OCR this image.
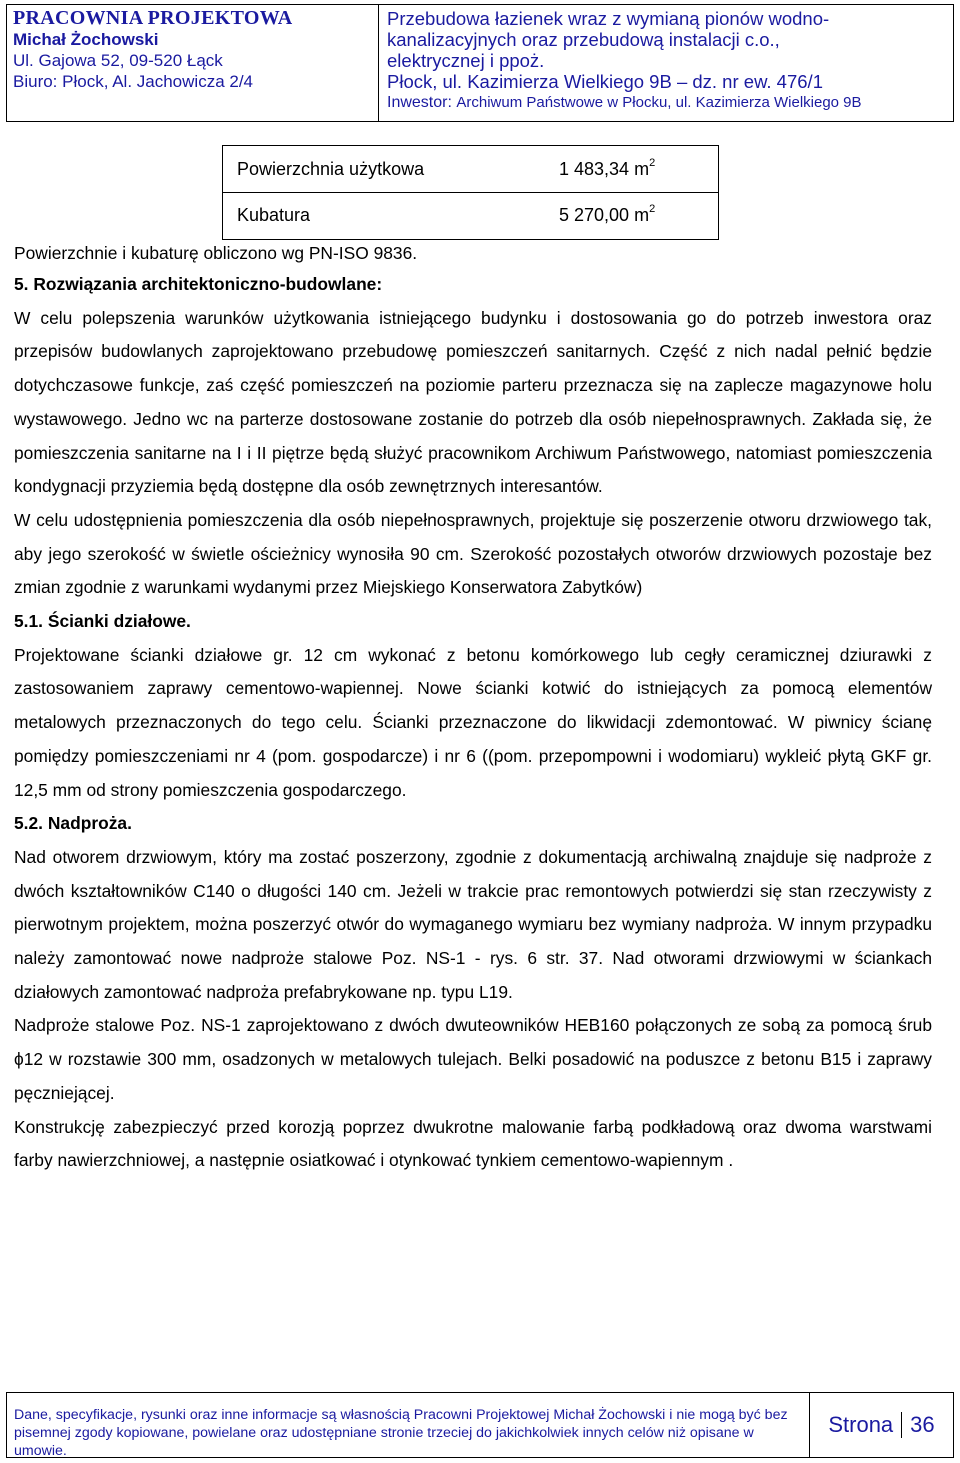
PRACOWNIA PROJEKTOWA
Michał Żochowski
Ul. Gajowa 52, 09-520 Łąck
Biuro: Płock, Al. Jachowicza 2/4
Przebudowa łazienek wraz z wymianą pionów wodno-
kanalizacyjnych oraz przebudową instalacji c.o.,
elektrycznej i ppoż.
Płock, ul. Kazimierza Wielkiego 9B – dz. nr ew. 476/1
Inwestor: Archiwum Państwowe w Płocku, ul. Kazimierza Wielkiego 9B
Powierzchnia użytkowa	1 483,34 $m^2$
Kubatura	5 270,00 $m^2$

Powierzchnie i kubaturę obliczono wg PN-ISO 9836.

5. Rozwiązania architektoniczno-budowlane:

W celu polepszenia warunków użytkowania istniejącego budynku i dostosowania go do potrzeb inwestora oraz przepisów budowlanych zaprojektowano przebudowę pomieszczeń sanitarnych. Część z nich nadal pełnić będzie dotychczasowe funkcje, zaś część pomieszczeń na poziomie parteru przeznacza się na zaplecze magazynowe holu wystawowego. Jedno wc na parterze dostosowane zostanie do potrzeb dla osób niepełnosprawnych. Zakłada się, że pomieszczenia sanitarne na I i II piętrze będą służyć pracownikom Archiwum Państwowego, natomiast pomieszczenia kondygnacji przyziemia będą dostępne dla osób zewnętrznych interesantów.

W celu udostępnienia pomieszczenia dla osób niepełnosprawnych, projektuje się poszerzenie otworu drzwiowego tak, aby jego szerokość w świetle ościeżnicy wynosiła 90 cm. Szerokość pozostałych otworów drzwiowych pozostaje bez zmian zgodnie z warunkami wydanymi przez Miejskiego Konserwatora Zabytków)

5.1. Ścianki działowe.

Projektowane ścianki działowe gr. 12 cm wykonać z betonu komórkowego lub cegły ceramicznej dziurawki z zastosowaniem zaprawy cementowo-wapiennej. Nowe ścianki kotwić do istniejących za pomocą elementów metalowych przeznaczonych do tego celu. Ścianki przeznaczone do likwidacji zdemontować. W piwnicy ścianę pomiędzy pomieszczeniami nr 4 (pom. gospodarcze) i nr 6 ((pom. przepompowni i wodomiaru) wykleić płytą GKF gr. 12,5 mm od strony pomieszczenia gospodarczego.

5.2. Nadproża.

Nad otworem drzwiowym, który ma zostać poszerzony, zgodnie z dokumentacją archiwalną znajduje się nadproże z dwóch kształtowników C140 o długości 140 cm. Jeżeli w trakcie prac remontowych potwierdzi się stan rzeczywisty z pierwotnym projektem, można poszerzyć otwór do wymaganego wymiaru bez wymiany nadproża. W innym przypadku należy zamontować nowe nadproże stalowe Poz. NS-1 - rys. 6 str. 37. Nad otworami drzwiowymi w ściankach działowych zamontować nadproża prefabrykowane np. typu L19.

Nadproże stalowe Poz. NS-1 zaprojektowano z dwóch dwuteowników HEB160 połączonych ze sobą za pomocą śrub ϕ12 w rozstawie 300 mm, osadzonych w metalowych tulejach. Belki posadowić na poduszce z betonu B15 i zaprawy pęczniejącej.

Konstrukcję zabezpieczyć przed korozją poprzez dwukrotne malowanie farbą podkładową oraz dwoma warstwami farby nawierzchniowej, a następnie osiatkować i otynkować tynkiem cementowo-wapiennym .

Dane, specyfikacje, rysunki oraz inne informacje są własnością Pracowni Projektowej Michał Żochowski i nie mogą być bez pisemnej zgody kopiowane, powielane oraz udostępniane stronie trzeciej do jakichkolwiek innych celów niż opisane w umowie.
Strona 36
